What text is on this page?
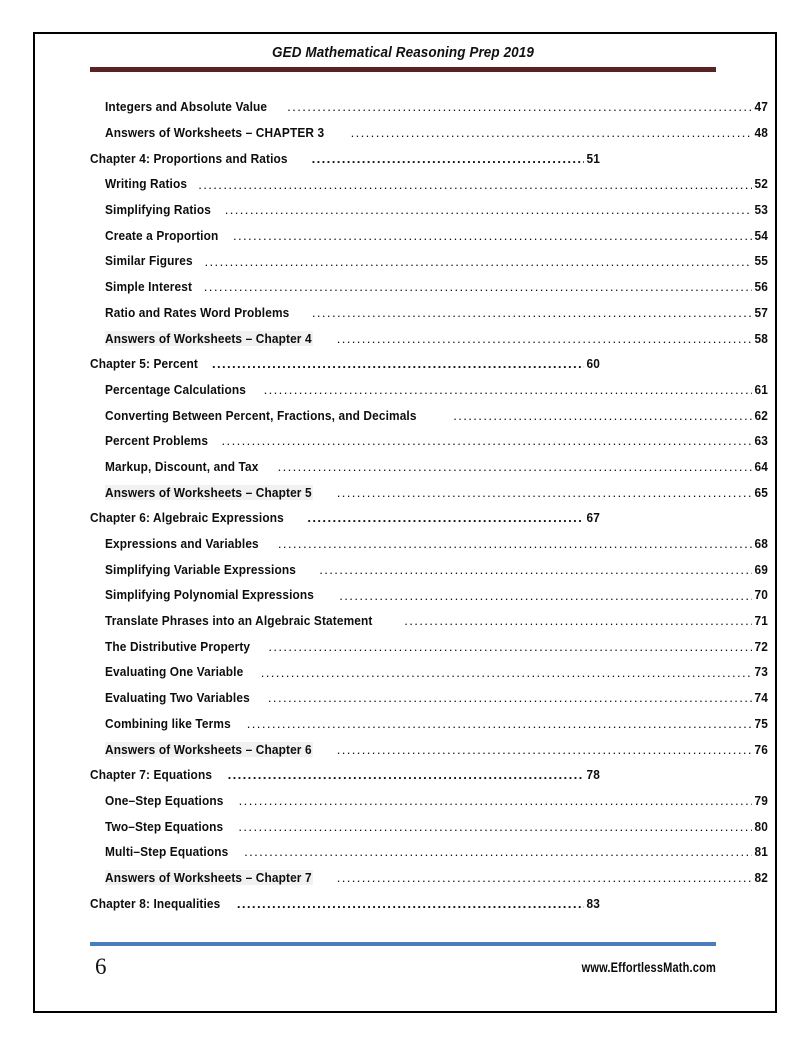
GED Mathematical Reasoning Prep 2019
Integers and Absolute Value .....	47
Answers of Worksheets – CHAPTER 3 .....	48
Chapter 4: Proportions and Ratios .....	51
Writing Ratios .....	52
Simplifying Ratios .....	53
Create a Proportion .....	54
Similar Figures .....	55
Simple Interest .....	56
Ratio and Rates Word Problems .....	57
Answers of Worksheets – Chapter 4 .....	58
Chapter 5: Percent .....	60
Percentage Calculations .....	61
Converting Between Percent, Fractions, and Decimals .....	62
Percent Problems .....	63
Markup, Discount, and Tax .....	64
Answers of Worksheets – Chapter 5 .....	65
Chapter 6: Algebraic Expressions .....	67
Expressions and Variables .....	68
Simplifying Variable Expressions .....	69
Simplifying Polynomial Expressions .....	70
Translate Phrases into an Algebraic Statement .....	71
The Distributive Property .....	72
Evaluating One Variable .....	73
Evaluating Two Variables .....	74
Combining like Terms .....	75
Answers of Worksheets – Chapter 6 .....	76
Chapter 7: Equations .....	78
One–Step Equations .....	79
Two–Step Equations .....	80
Multi–Step Equations .....	81
Answers of Worksheets – Chapter 7 .....	82
Chapter 8: Inequalities .....	83
6	www.EffortlessMath.com
